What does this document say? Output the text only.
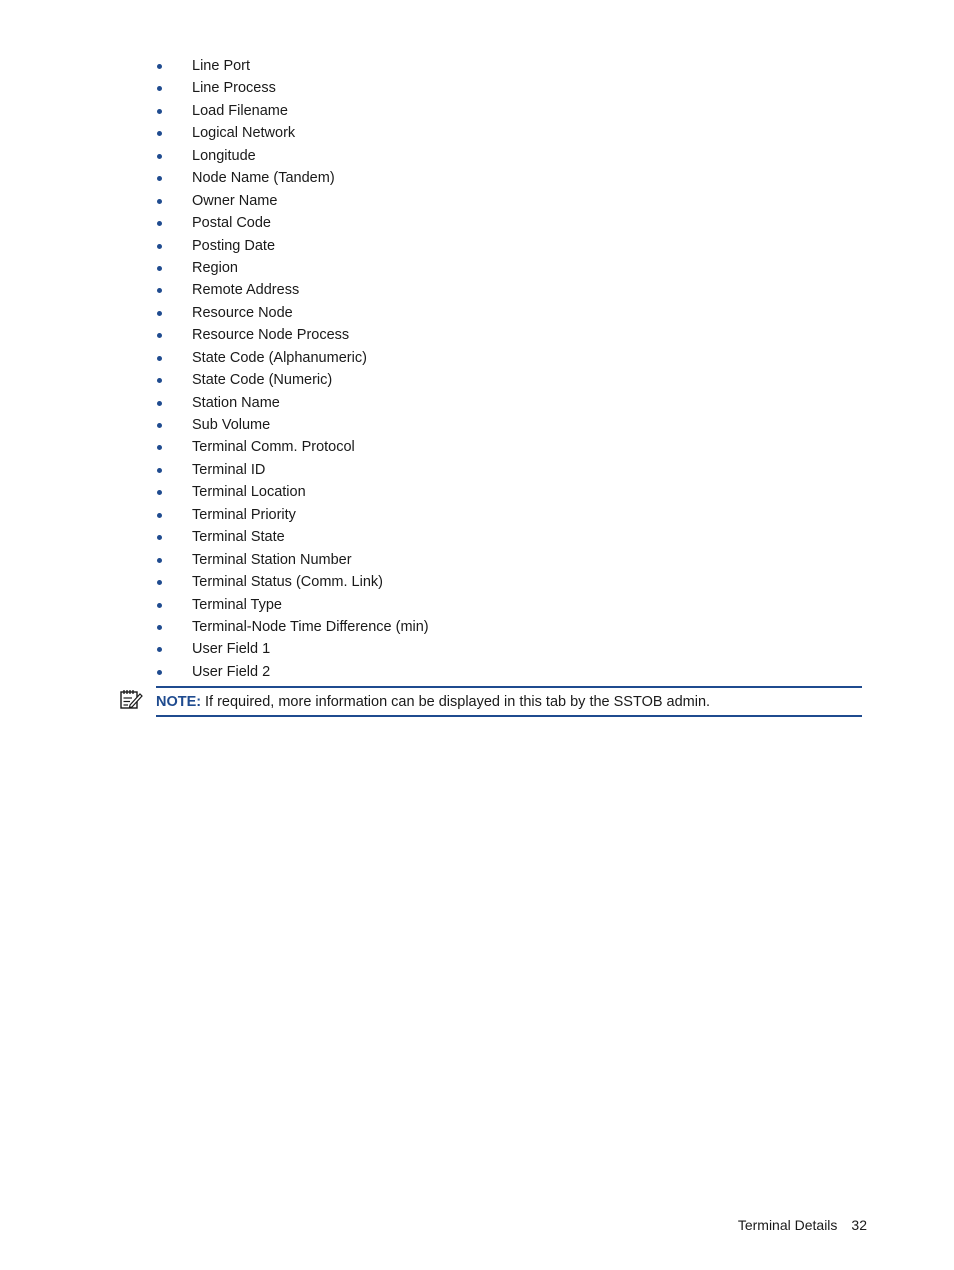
Line Port
Line Process
Load Filename
Logical Network
Longitude
Node Name (Tandem)
Owner Name
Postal Code
Posting Date
Region
Remote Address
Resource Node
Resource Node Process
State Code (Alphanumeric)
State Code (Numeric)
Station Name
Sub Volume
Terminal Comm. Protocol
Terminal ID
Terminal Location
Terminal Priority
Terminal State
Terminal Station Number
Terminal Status (Comm. Link)
Terminal Type
Terminal-Node Time Difference (min)
User Field 1
User Field 2
NOTE: If required, more information can be displayed in this tab by the SSTOB admin.
Terminal Details 32
